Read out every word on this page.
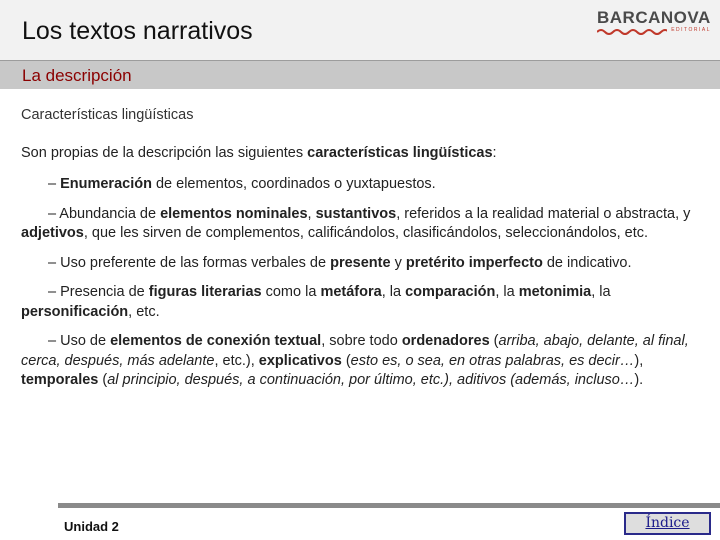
Los textos narrativos	BARCANOVA
EDITORIAL
La descripción

Características lingüísticas

Son propias de la descripción las siguientes características lingüísticas:

– Enumeración de elementos, coordinados o yuxtapuestos.

– Abundancia de elementos nominales, sustantivos, referidos a la realidad material o abstracta, y adjetivos, que les sirven de complementos, calificándolos, clasificándolos, seleccionándolos, etc.

– Uso preferente de las formas verbales de presente y pretérito imperfecto de indicativo.

– Presencia de figuras literarias como la metáfora, la comparación, la metonimia, la personificación, etc.

– Uso de elementos de conexión textual, sobre todo ordenadores (arriba, abajo, delante, al final, cerca, después, más adelante, etc.), explicativos (esto es, o sea, en otras palabras, es decir…), temporales (al principio, después, a continuación, por último, etc.), aditivos (además, incluso…).

Unidad 2	Índice
